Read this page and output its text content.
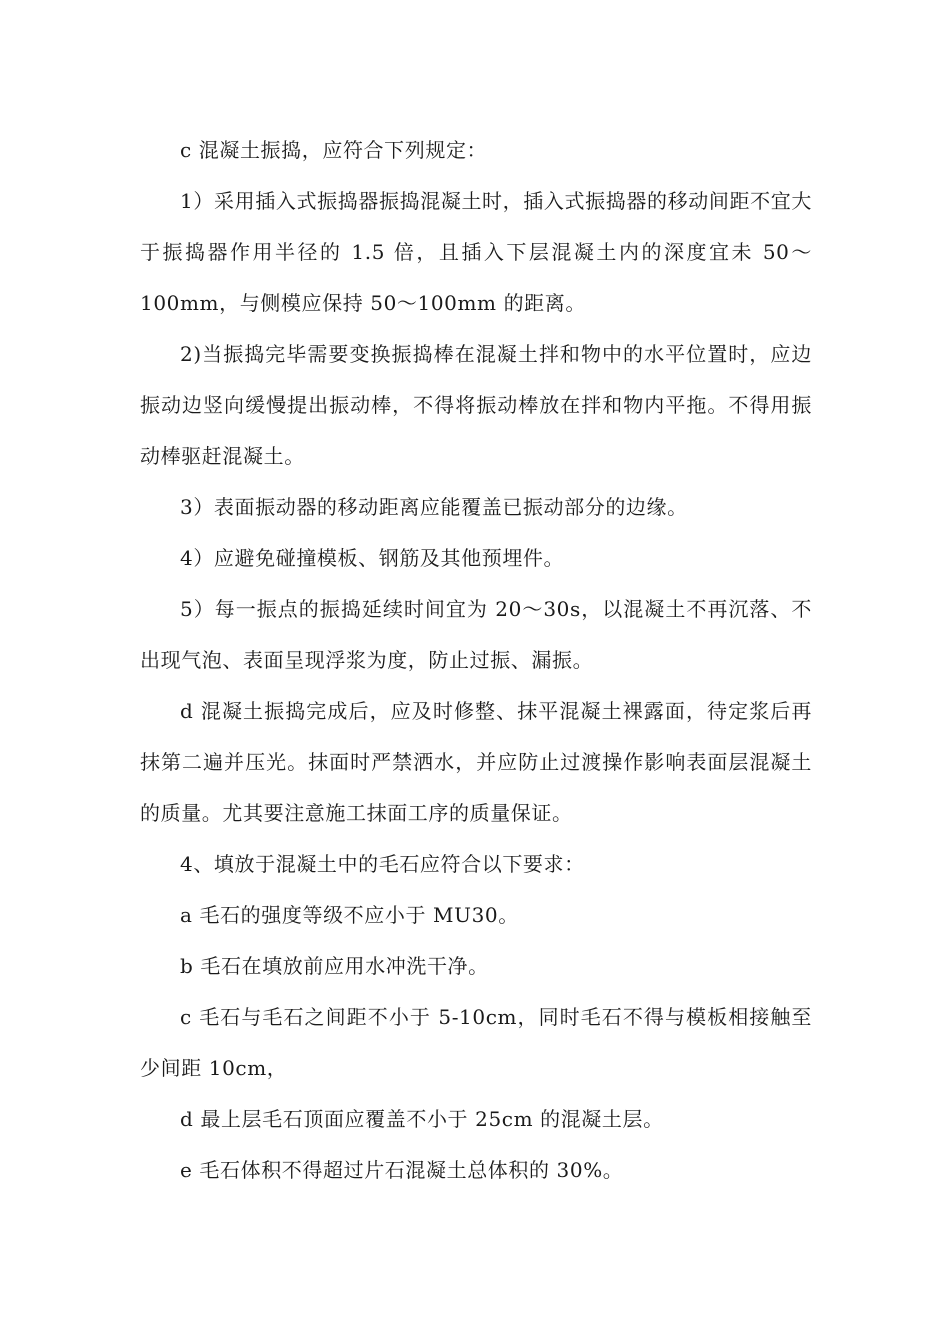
c 混凝土振捣，应符合下列规定：

1）采用插入式振捣器振捣混凝土时，插入式振捣器的移动间距不宜大于振捣器作用半径的 1.5 倍，且插入下层混凝土内的深度宜未 50～100mm，与侧模应保持 50～100mm 的距离。

2)当振捣完毕需要变换振捣棒在混凝土拌和物中的水平位置时，应边振动边竖向缓慢提出振动棒，不得将振动棒放在拌和物内平拖。不得用振动棒驱赶混凝土。

3）表面振动器的移动距离应能覆盖已振动部分的边缘。

4）应避免碰撞模板、钢筋及其他预埋件。

5）每一振点的振捣延续时间宜为 20～30s，以混凝土不再沉落、不出现气泡、表面呈现浮浆为度，防止过振、漏振。

d 混凝土振捣完成后，应及时修整、抹平混凝土裸露面，待定浆后再抹第二遍并压光。抹面时严禁洒水，并应防止过渡操作影响表面层混凝土的质量。尤其要注意施工抹面工序的质量保证。

4、填放于混凝土中的毛石应符合以下要求：

a 毛石的强度等级不应小于 MU30。

b 毛石在填放前应用水冲洗干净。

c 毛石与毛石之间距不小于 5-10cm，同时毛石不得与模板相接触至少间距 10cm，

d 最上层毛石顶面应覆盖不小于 25cm 的混凝土层。

e 毛石体积不得超过片石混凝土总体积的 30%。
